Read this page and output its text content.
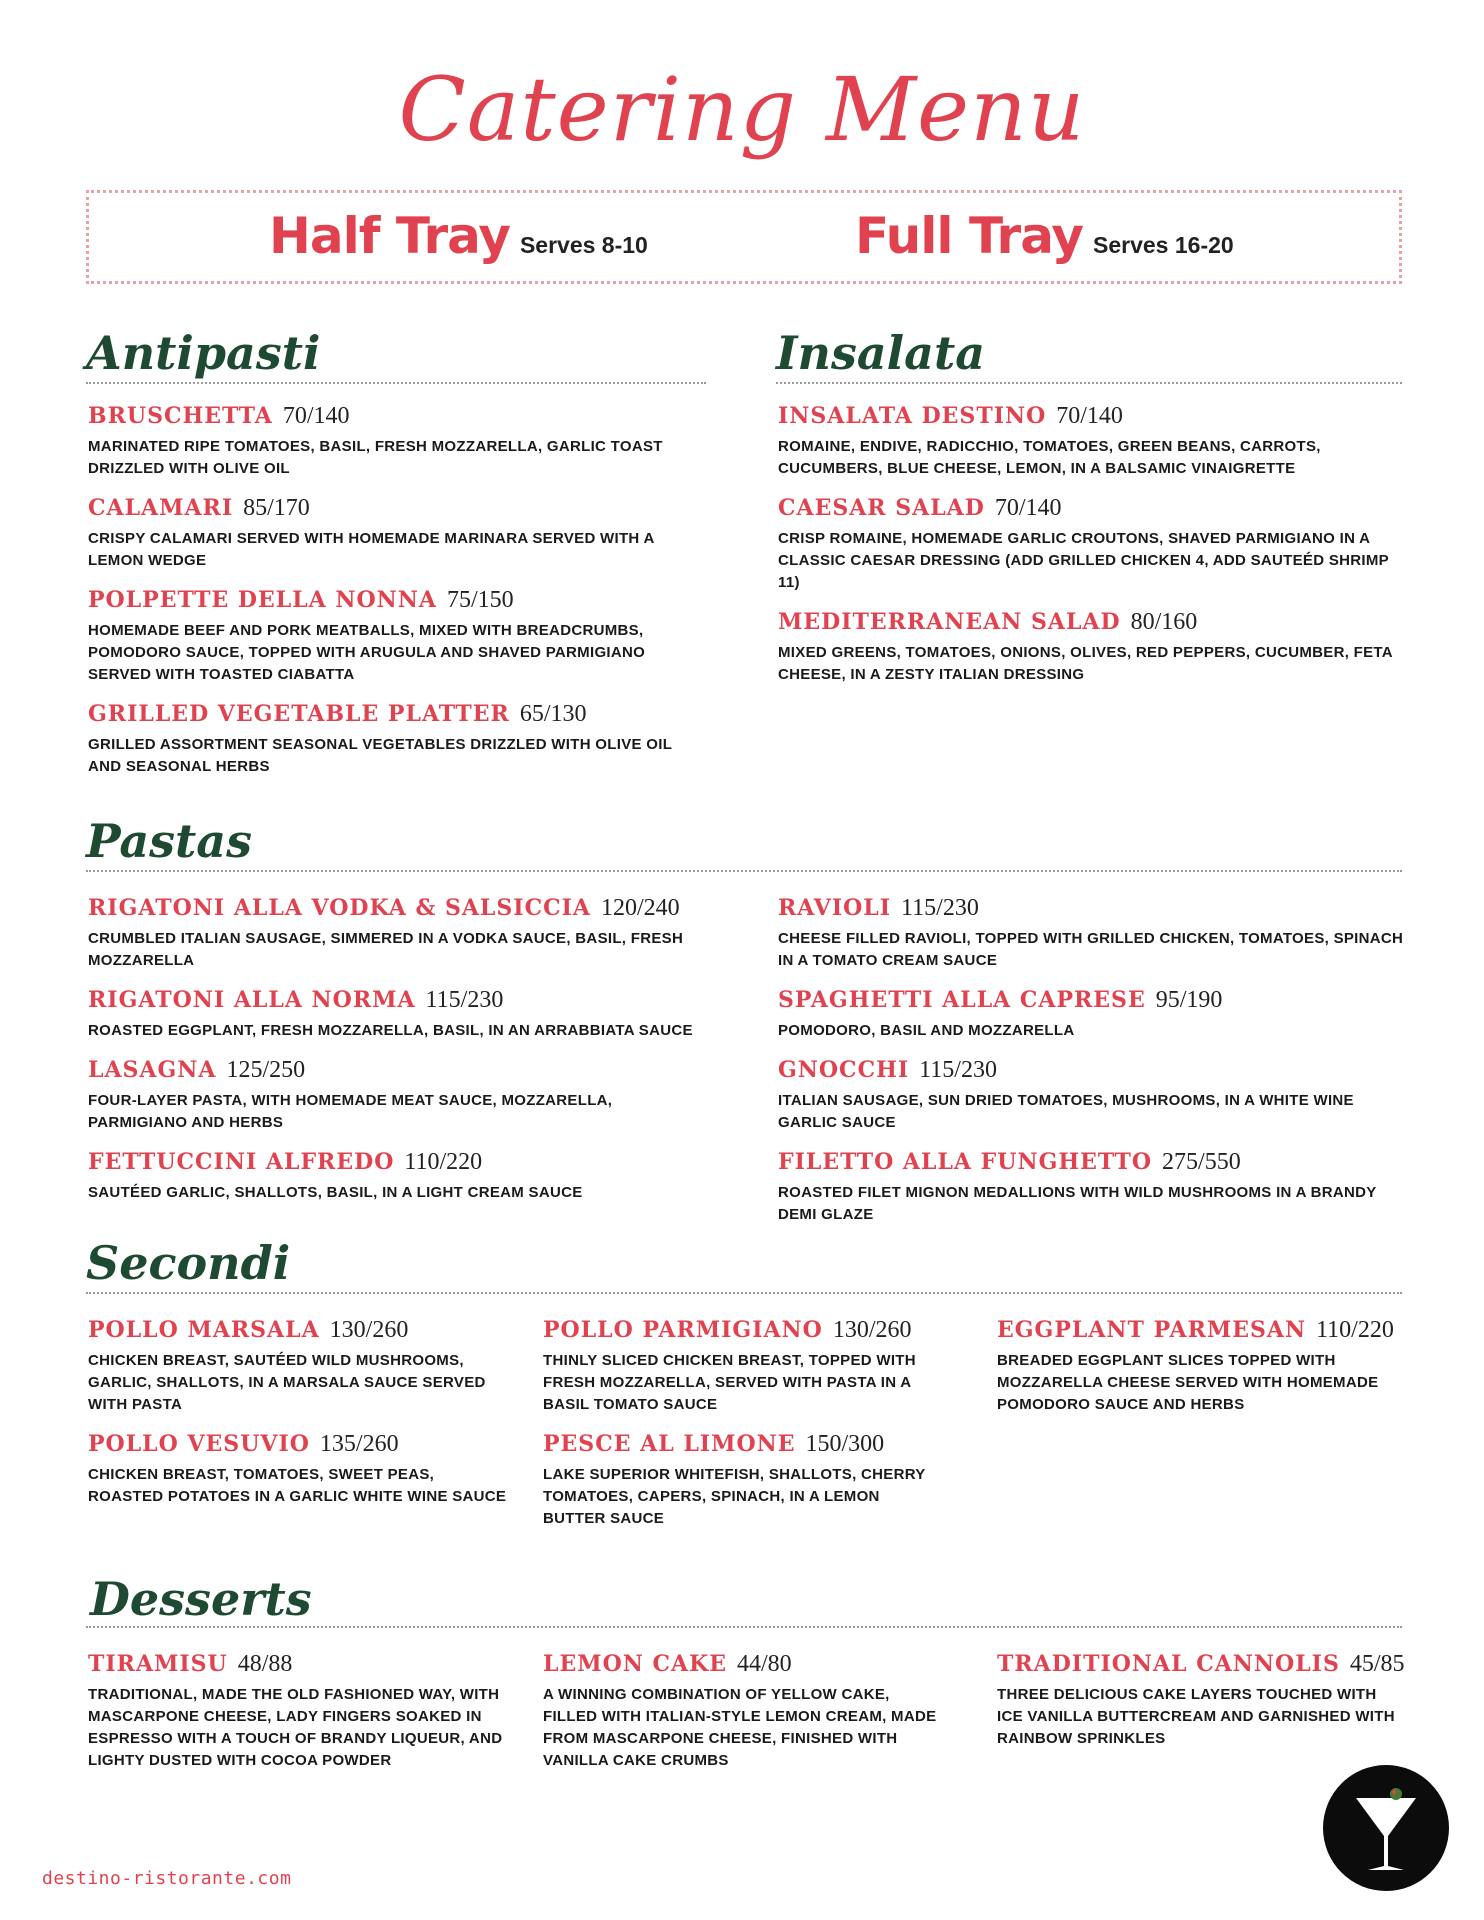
Catering Menu
Half Tray Serves 8-10	Full Tray Serves 16-20
Antipasti
BRUSCHETTA 70/140
MARINATED RIPE TOMATOES, BASIL, FRESH MOZZARELLA, GARLIC TOAST DRIZZLED WITH OLIVE OIL
CALAMARI 85/170
CRISPY CALAMARI SERVED WITH HOMEMADE MARINARA SERVED WITH A LEMON WEDGE
POLPETTE DELLA NONNA 75/150
HOMEMADE BEEF AND PORK MEATBALLS, MIXED WITH BREADCRUMBS, POMODORO SAUCE, TOPPED WITH ARUGULA AND SHAVED PARMIGIANO SERVED WITH TOASTED CIABATTA
GRILLED VEGETABLE PLATTER 65/130
GRILLED ASSORTMENT SEASONAL VEGETABLES DRIZZLED WITH OLIVE OIL AND SEASONAL HERBS
Insalata
INSALATA DESTINO 70/140
ROMAINE, ENDIVE, RADICCHIO, TOMATOES, GREEN BEANS, CARROTS, CUCUMBERS, BLUE CHEESE, LEMON, IN A BALSAMIC VINAIGRETTE
CAESAR SALAD 70/140
CRISP ROMAINE, HOMEMADE GARLIC CROUTONS, SHAVED PARMIGIANO IN A CLASSIC CAESAR DRESSING (ADD GRILLED CHICKEN 4, ADD SAUTEÉD SHRIMP 11)
MEDITERRANEAN SALAD 80/160
MIXED GREENS, TOMATOES, ONIONS, OLIVES, RED PEPPERS, CUCUMBER, FETA CHEESE, IN A ZESTY ITALIAN DRESSING
Pastas
RIGATONI ALLA VODKA & SALSICCIA 120/240
CRUMBLED ITALIAN SAUSAGE, SIMMERED IN A VODKA SAUCE, BASIL, FRESH MOZZARELLA
RIGATONI ALLA NORMA 115/230
ROASTED EGGPLANT, FRESH MOZZARELLA, BASIL, IN AN ARRABBIATA SAUCE
LASAGNA 125/250
FOUR-LAYER PASTA, WITH HOMEMADE MEAT SAUCE, MOZZARELLA, PARMIGIANO AND HERBS
FETTUCCINI ALFREDO 110/220
SAUTÉED GARLIC, SHALLOTS, BASIL, IN A LIGHT CREAM SAUCE
RAVIOLI 115/230
CHEESE FILLED RAVIOLI, TOPPED WITH GRILLED CHICKEN, TOMATOES, SPINACH IN A TOMATO CREAM SAUCE
SPAGHETTI ALLA CAPRESE 95/190
POMODORO, BASIL AND MOZZARELLA
GNOCCHI 115/230
ITALIAN SAUSAGE, SUN DRIED TOMATOES, MUSHROOMS, IN A WHITE WINE GARLIC SAUCE
FILETTO ALLA FUNGHETTO 275/550
ROASTED FILET MIGNON MEDALLIONS WITH WILD MUSHROOMS IN A BRANDY DEMI GLAZE
Secondi
POLLO MARSALA 130/260
CHICKEN BREAST, SAUTÉED WILD MUSHROOMS, GARLIC, SHALLOTS, IN A MARSALA SAUCE SERVED WITH PASTA
POLLO PARMIGIANO 130/260
THINLY SLICED CHICKEN BREAST, TOPPED WITH FRESH MOZZARELLA, SERVED WITH PASTA IN A BASIL TOMATO SAUCE
EGGPLANT PARMESAN 110/220
BREADED EGGPLANT SLICES TOPPED WITH MOZZARELLA CHEESE SERVED WITH HOMEMADE POMODORO SAUCE AND HERBS
POLLO VESUVIO 135/260
CHICKEN BREAST, TOMATOES, SWEET PEAS, ROASTED POTATOES IN A GARLIC WHITE WINE SAUCE
PESCE AL LIMONE 150/300
LAKE SUPERIOR WHITEFISH, SHALLOTS, CHERRY TOMATOES, CAPERS, SPINACH, IN A LEMON BUTTER SAUCE
Desserts
TIRAMISU 48/88
TRADITIONAL, MADE THE OLD FASHIONED WAY, WITH MASCARPONE CHEESE, LADY FINGERS SOAKED IN ESPRESSO WITH A TOUCH OF BRANDY LIQUEUR, AND LIGHTY DUSTED WITH COCOA POWDER
LEMON CAKE 44/80
A WINNING COMBINATION OF YELLOW CAKE, FILLED WITH ITALIAN-STYLE LEMON CREAM, MADE FROM MASCARPONE CHEESE, FINISHED WITH VANILLA CAKE CRUMBS
TRADITIONAL CANNOLIS 45/85
THREE DELICIOUS CAKE LAYERS TOUCHED WITH ICE VANILLA BUTTERCREAM AND GARNISHED WITH RAINBOW SPRINKLES
destino-ristorante.com
